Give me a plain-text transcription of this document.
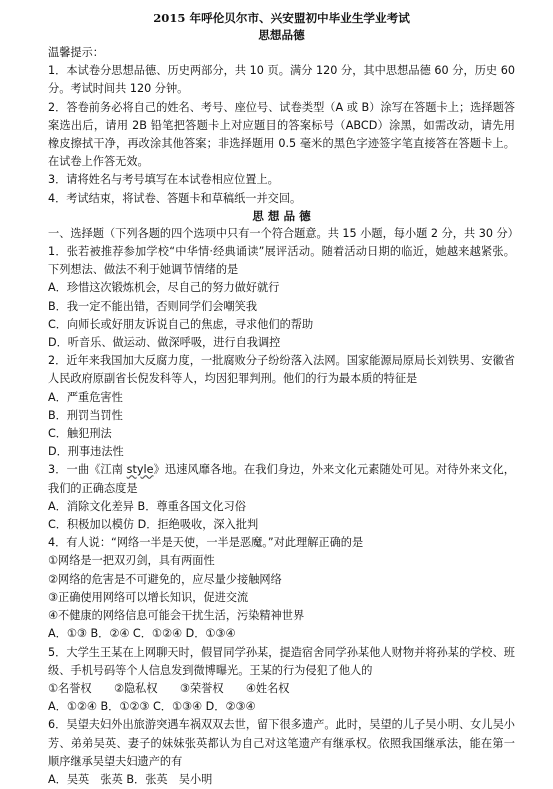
2015 年呼伦贝尔市、兴安盟初中毕业生学业考试
思想品德

温馨提示：

1．本试卷分思想品德、历史两部分，共 10 页。满分 120 分，其中思想品德 60 分，历史 60 分。考试时间共 120 分钟。

2．答卷前务必将自己的姓名、考号、座位号、试卷类型（A 或 B）涂写在答题卡上；选择题答案选出后，请用 2B 铅笔把答题卡上对应题目的答案标号（ABCD）涂黑，如需改动，请先用橡皮擦拭干净，再改涂其他答案；非选择题用 0.5 毫米的黑色字迹签字笔直接答在答题卡上。在试卷上作答无效。

3．请将姓名与考号填写在本试卷相应位置上。

4．考试结束，将试卷、答题卡和草稿纸一并交回。

思 想 品 德

一、选择题（下列各题的四个选项中只有一个符合题意。共 15 小题，每小题 2 分，共 30 分）

1．张若被推荐参加学校“中华情·经典诵读”展评活动。随着活动日期的临近，她越来越紧张。下列想法、做法不利于她调节情绪的是

A．珍惜这次锻炼机会，尽自己的努力做好就行

B．我一定不能出错，否则同学们会嘲笑我

C．向师长或好朋友诉说自己的焦虑，寻求他们的帮助

D．听音乐、做运动、做深呼吸，进行自我调控

2．近年来我国加大反腐力度，一批腐败分子纷纷落入法网。国家能源局原局长刘铁男、安徽省人民政府原副省长倪发科等人，均因犯罪判刑。他们的行为最本质的特征是

A．严重危害性

B．刑罚当罚性

C．触犯刑法

D．刑事违法性

3．一曲《江南 style》迅速风靡各地。在我们身边，外来文化元素随处可见。对待外来文化，我们的正确态度是

A．消除文化差异 B．尊重各国文化习俗

C．积极加以模仿 D．拒绝吸收，深入批判

4．有人说：“网络一半是天使，一半是恶魔。”对此理解正确的是

①网络是一把双刃剑，具有两面性

②网络的危害是不可避免的，应尽量少接触网络

③正确使用网络可以增长知识，促进交流

④不健康的网络信息可能会干扰生活，污染精神世界

A．①③ B．②④ C．①②④ D．①③④

5．大学生王某在上网聊天时，假冒同学孙某，提造宿舍同学孙某他人财物并将孙某的学校、班级、手机号码等个人信息发到微博曝光。王某的行为侵犯了他人的

①名誉权　　②隐私权　　③荣誉权　　④姓名权

A．①②④ B．①②③ C．①③④ D．②③④

6．吴望夫妇外出旅游突遇车祸双双去世，留下很多遗产。此时，吴望的儿子吴小明、女儿吴小芳、弟弟吴英、妻子的妹妹张英都认为自己对这笔遗产有继承权。依照我国继承法，能在第一顺序继承吴望夫妇遗产的有

A．吴英　张英 B．张英　吴小明
